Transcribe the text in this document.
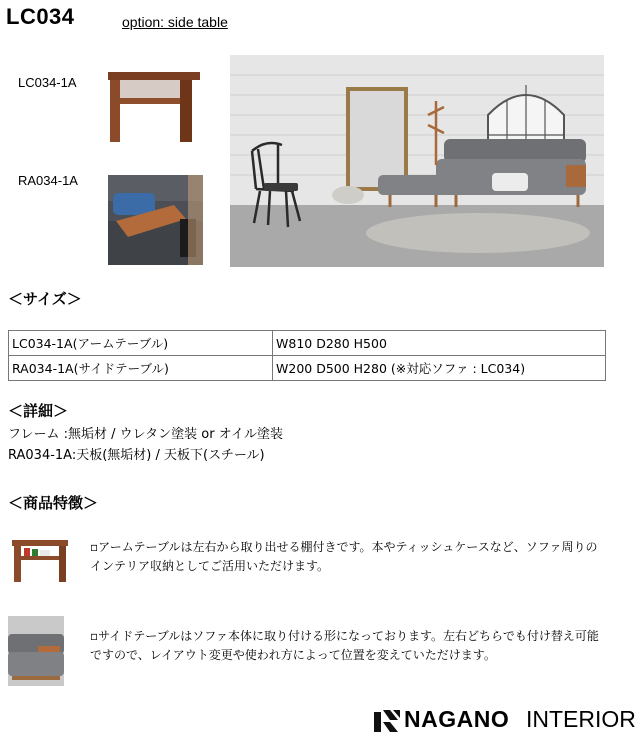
LC034	option: side table
LC034-1A
RA034-1A
＜サイズ＞
LC034-1A(アームテーブル)	W810 D280 H500
RA034-1A(サイドテーブル)	W200 D500 H280 (※対応ソファ : LC034)
＜詳細＞
フレーム :無垢材 / ウレタン塗装 or オイル塗装
RA034-1A:天板(無垢材) / 天板下(スチール)
＜商品特徴＞
▫アームテーブルは左右から取り出せる棚付きです。本やティッシュケースなど、ソファ周りのインテリア収納としてご活用いただけます。
▫サイドテーブルはソファ本体に取り付ける形になっております。左右どちらでも付け替え可能ですので、レイアウト変更や使われ方によって位置を変えていただけます。
NAGANO INTERIOR
